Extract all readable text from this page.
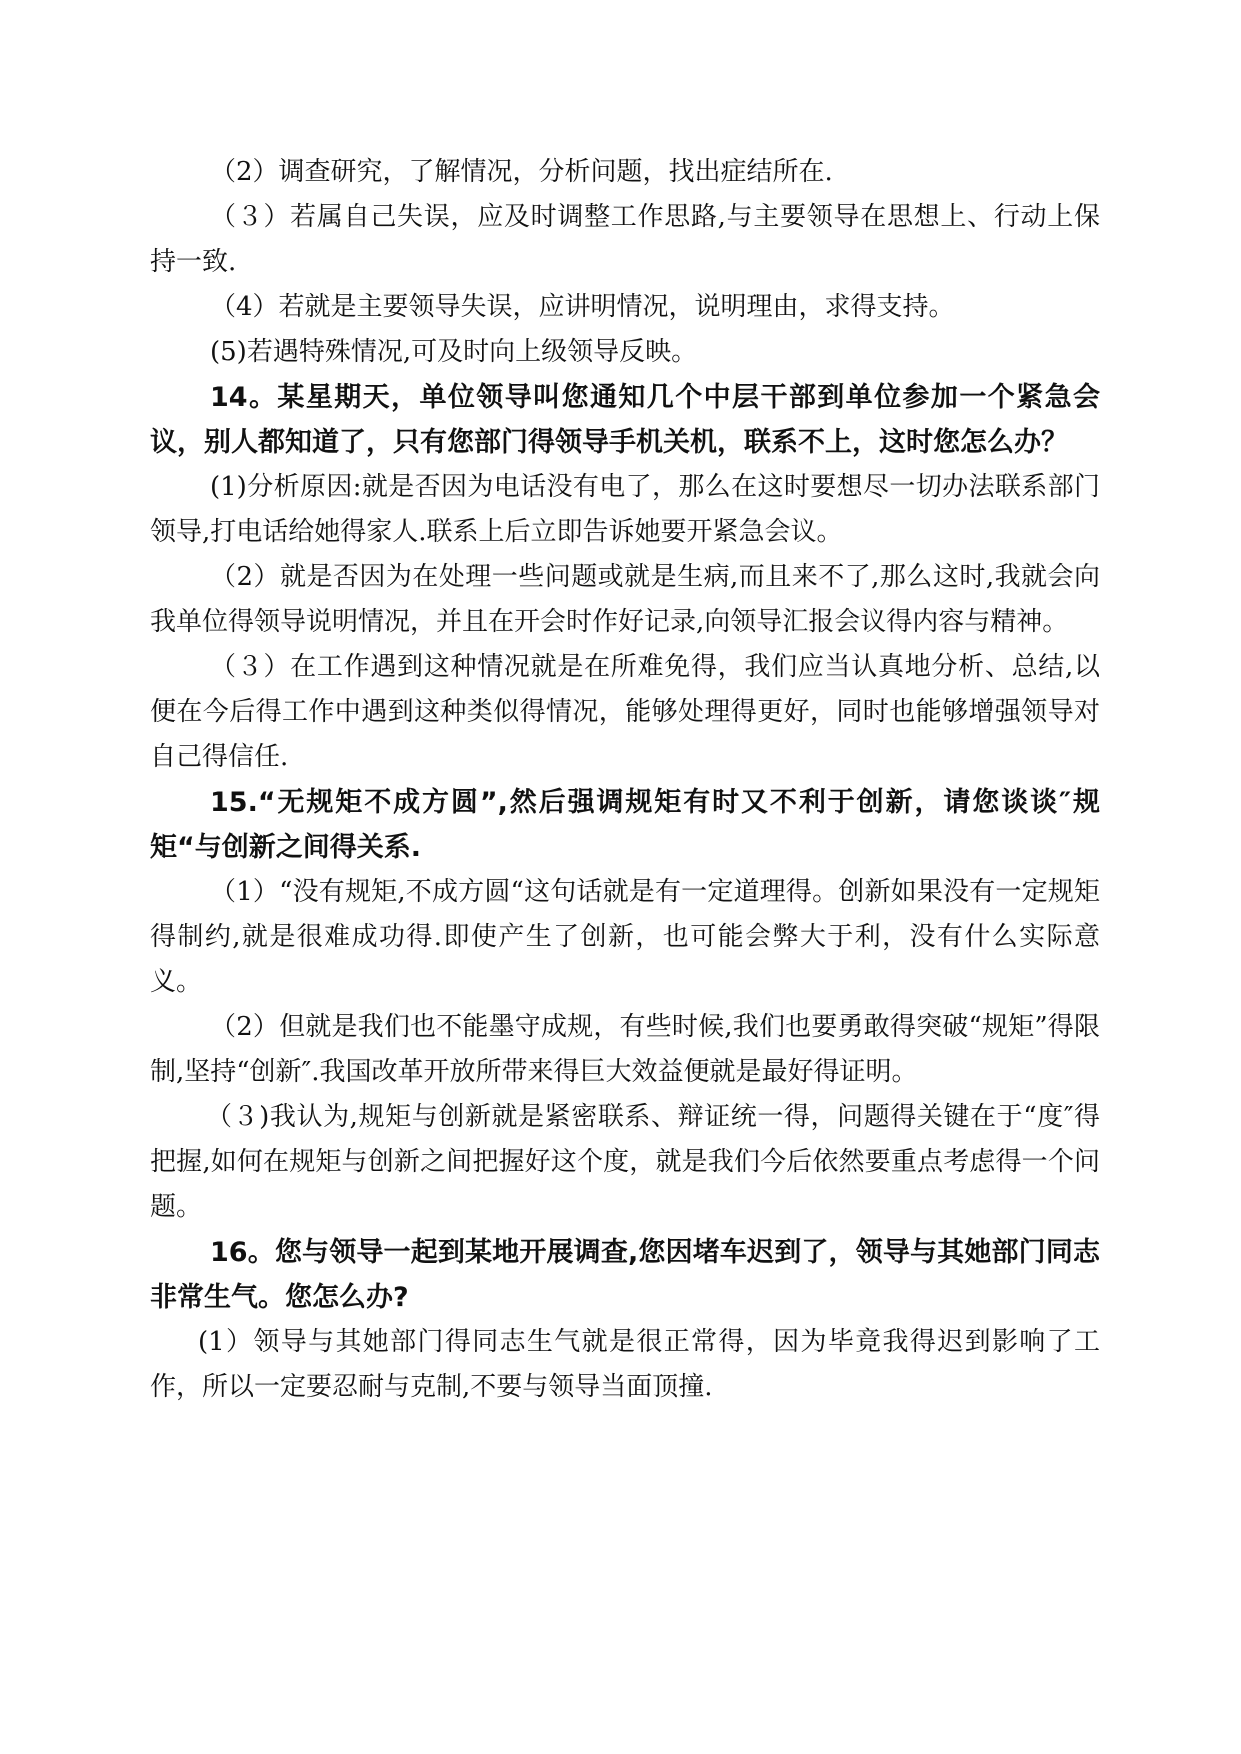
（2）调查研究，了解情况，分析问题，找出症结所在.

（３）若属自己失误，应及时调整工作思路,与主要领导在思想上、行动上保持一致.

（4）若就是主要领导失误，应讲明情况，说明理由，求得支持。

(5)若遇特殊情况,可及时向上级领导反映。

14。某星期天，单位领导叫您通知几个中层干部到单位参加一个紧急会议，别人都知道了，只有您部门得领导手机关机，联系不上，这时您怎么办？

(1)分析原因:就是否因为电话没有电了，那么在这时要想尽一切办法联系部门领导,打电话给她得家人.联系上后立即告诉她要开紧急会议。

（2）就是否因为在处理一些问题或就是生病,而且来不了,那么这时,我就会向我单位得领导说明情况，并且在开会时作好记录,向领导汇报会议得内容与精神。

（３）在工作遇到这种情况就是在所难免得，我们应当认真地分析、总结,以便在今后得工作中遇到这种类似得情况，能够处理得更好，同时也能够增强领导对自己得信任.

15.“无规矩不成方圆”,然后强调规矩有时又不利于创新，请您谈谈″规矩“与创新之间得关系.

（1）“没有规矩,不成方圆“这句话就是有一定道理得。创新如果没有一定规矩得制约,就是很难成功得.即使产生了创新，也可能会弊大于利，没有什么实际意义。

（2）但就是我们也不能墨守成规，有些时候,我们也要勇敢得突破“规矩”得限制,坚持“创新″.我国改革开放所带来得巨大效益便就是最好得证明。

（３)我认为,规矩与创新就是紧密联系、辩证统一得，问题得关键在于“度″得把握,如何在规矩与创新之间把握好这个度，就是我们今后依然要重点考虑得一个问题。

16。您与领导一起到某地开展调查,您因堵车迟到了，领导与其她部门同志非常生气。您怎么办?

(1）领导与其她部门得同志生气就是很正常得，因为毕竟我得迟到影响了工作，所以一定要忍耐与克制,不要与领导当面顶撞.
